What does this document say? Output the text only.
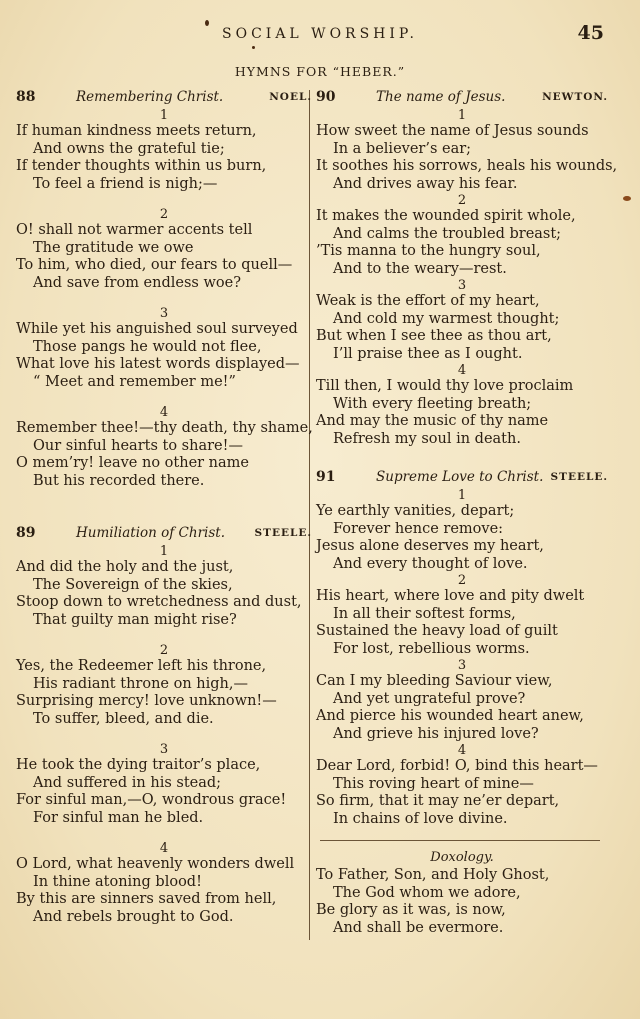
SOCIAL WORSHIP.	45
HYMNS FOR “HEBER.”
88	Remembering Christ.	NOEL.
1
If human kindness meets return,
And owns the grateful tie;
If tender thoughts within us burn,
To feel a friend is nigh;—
2
O! shall not warmer accents tell
The gratitude we owe
To him, who died, our fears to quell—
And save from endless woe?
3
While yet his anguished soul surveyed
Those pangs he would not flee,
What love his latest words displayed—
“ Meet and remember me!”
4
Remember thee!—thy death, thy shame,
Our sinful hearts to share!—
O mem’ry! leave no other name
But his recorded there.
89	Humiliation of Christ.	STEELE.
1
And did the holy and the just,
The Sovereign of the skies,
Stoop down to wretchedness and dust,
That guilty man might rise?
2
Yes, the Redeemer left his throne,
His radiant throne on high,—
Surprising mercy! love unknown!—
To suffer, bleed, and die.
3
He took the dying traitor’s place,
And suffered in his stead;
For sinful man,—O, wondrous grace!
For sinful man he bled.
4
O Lord, what heavenly wonders dwell
In thine atoning blood!
By this are sinners saved from hell,
And rebels brought to God.
90	The name of Jesus.	NEWTON.
1
How sweet the name of Jesus sounds
In a believer’s ear;
It soothes his sorrows, heals his wounds,
And drives away his fear.
2
It makes the wounded spirit whole,
And calms the troubled breast;
’Tis manna to the hungry soul,
And to the weary—rest.
3
Weak is the effort of my heart,
And cold my warmest thought;
But when I see thee as thou art,
I’ll praise thee as I ought.
4
Till then, I would thy love proclaim
With every fleeting breath;
And may the music of thy name
Refresh my soul in death.
91	Supreme Love to Christ. STEELE.
1
Ye earthly vanities, depart;
Forever hence remove:
Jesus alone deserves my heart,
And every thought of love.
2
His heart, where love and pity dwelt
In all their softest forms,
Sustained the heavy load of guilt
For lost, rebellious worms.
3
Can I my bleeding Saviour view,
And yet ungrateful prove?
And pierce his wounded heart anew,
And grieve his injured love?
4
Dear Lord, forbid! O, bind this heart—
This roving heart of mine—
So firm, that it may ne’er depart,
In chains of love divine.
Doxology.
To Father, Son, and Holy Ghost,
The God whom we adore,
Be glory as it was, is now,
And shall be evermore.
